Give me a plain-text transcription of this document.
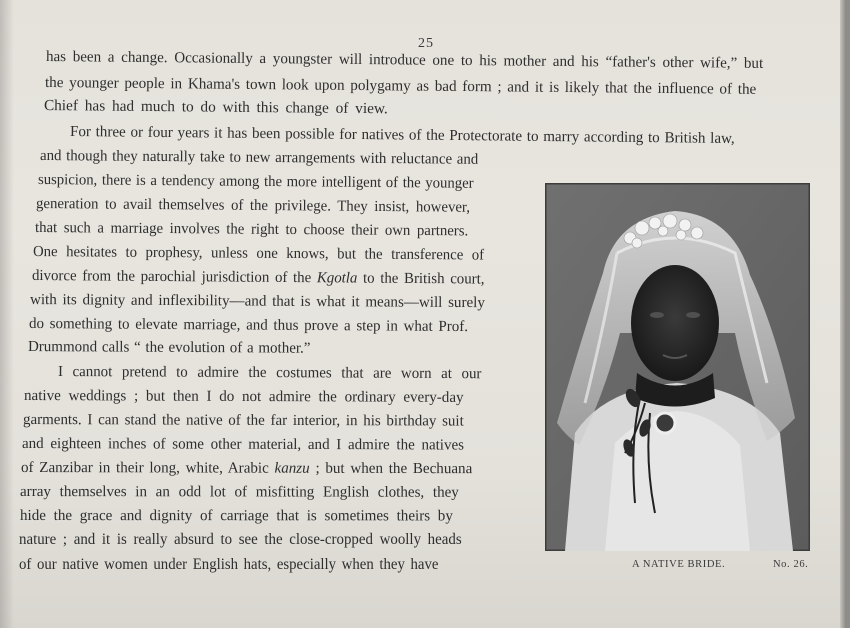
25
has been a change. Occasionally a youngster will introduce one to his mother and his “father's other wife,” but
the younger people in Khama's town look upon polygamy as bad form ; and it is likely that the influence of the
Chief has had much to do with this change of view.
For three or four years it has been possible for natives of the Protectorate to marry according to British law,
and though they naturally take to new arrangements with reluctance and
suspicion, there is a tendency among the more intelligent of the younger
generation to avail themselves of the privilege. They insist, however,
that such a marriage involves the right to choose their own partners.
One hesitates to prophesy, unless one knows, but the transference of
divorce from the parochial jurisdiction of the Kgotla to the British court,
with its dignity and inflexibility—and that is what it means—will surely
do something to elevate marriage, and thus prove a step in what Prof.
Drummond calls “ the evolution of a mother.”
I cannot pretend to admire the costumes that are worn at our
native weddings ; but then I do not admire the ordinary every-day
garments. I can stand the native of the far interior, in his birthday suit
and eighteen inches of some other material, and I admire the natives
of Zanzibar in their long, white, Arabic kanzu ; but when the Bechuana
array themselves in an odd lot of misfitting English clothes, they
hide the grace and dignity of carriage that is sometimes theirs by
nature ; and it is really absurd to see the close-cropped woolly heads
of our native women under English hats, especially when they have	A NATIVE BRIDE.	No. 26.
